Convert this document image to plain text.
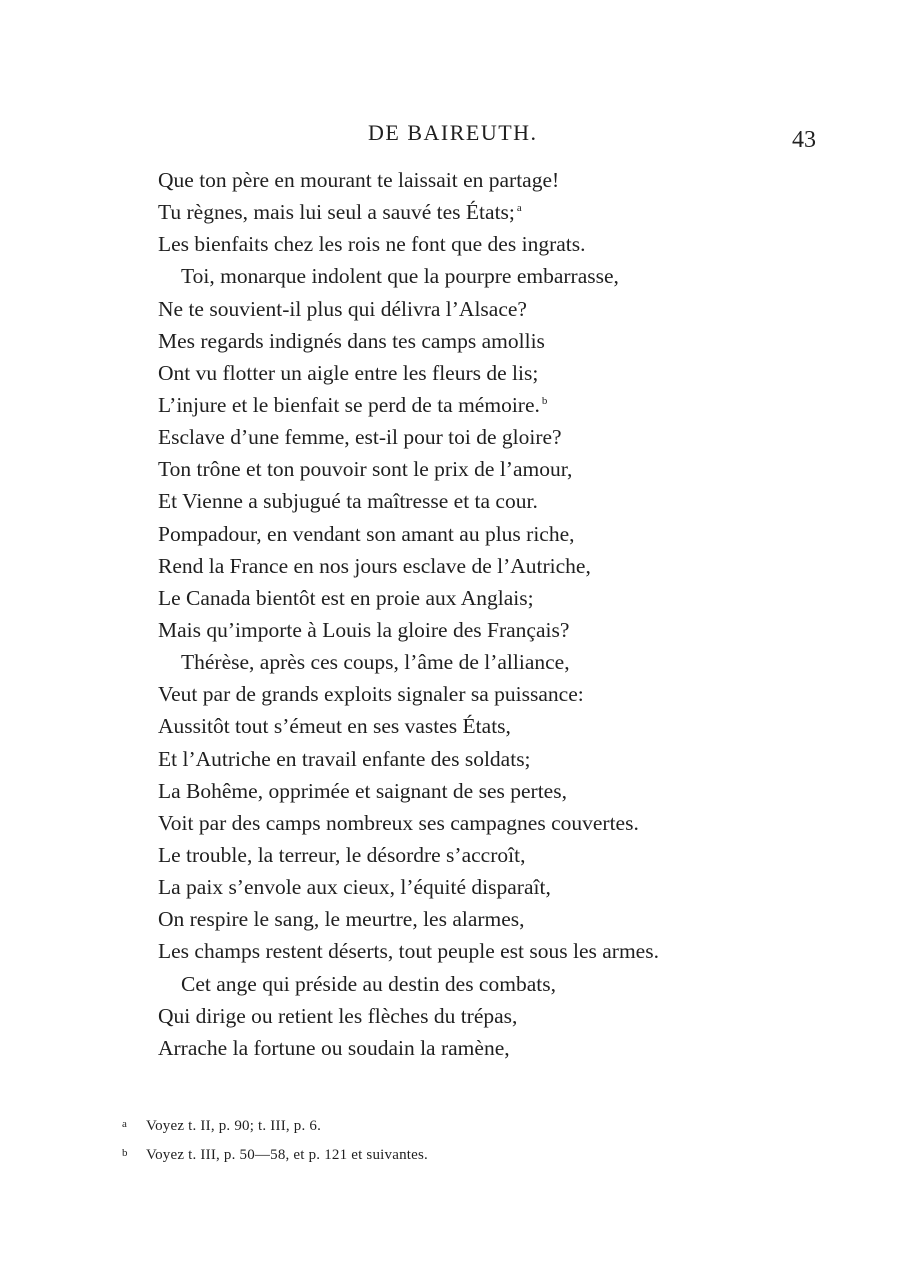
DE BAIREUTH.	43
Que ton père en mourant te laissait en partage!
Tu règnes, mais lui seul a sauvé tes États; $^a$
Les bienfaits chez les rois ne font que des ingrats.
Toi, monarque indolent que la pourpre embarrasse,
Ne te souvient-il plus qui délivra l’Alsace?
Mes regards indignés dans tes camps amollis
Ont vu flotter un aigle entre les fleurs de lis;
L’injure et le bienfait se perd de ta mémoire. $^b$
Esclave d’une femme, est-il pour toi de gloire?
Ton trône et ton pouvoir sont le prix de l’amour,
Et Vienne a subjugué ta maîtresse et ta cour.
Pompadour, en vendant son amant au plus riche,
Rend la France en nos jours esclave de l’Autriche,
Le Canada bientôt est en proie aux Anglais;
Mais qu’importe à Louis la gloire des Français?
Thérèse, après ces coups, l’âme de l’alliance,
Veut par de grands exploits signaler sa puissance:
Aussitôt tout s’émeut en ses vastes États,
Et l’Autriche en travail enfante des soldats;
La Bohême, opprimée et saignant de ses pertes,
Voit par des camps nombreux ses campagnes couvertes.
Le trouble, la terreur, le désordre s’accroît,
La paix s’envole aux cieux, l’équité disparaît,
On respire le sang, le meurtre, les alarmes,
Les champs restent déserts, tout peuple est sous les armes.
Cet ange qui préside au destin des combats,
Qui dirige ou retient les flèches du trépas,
Arrache la fortune ou soudain la ramène,
a Voyez t. II, p. 90; t. III, p. 6.
b Voyez t. III, p. 50—58, et p. 121 et suivantes.
